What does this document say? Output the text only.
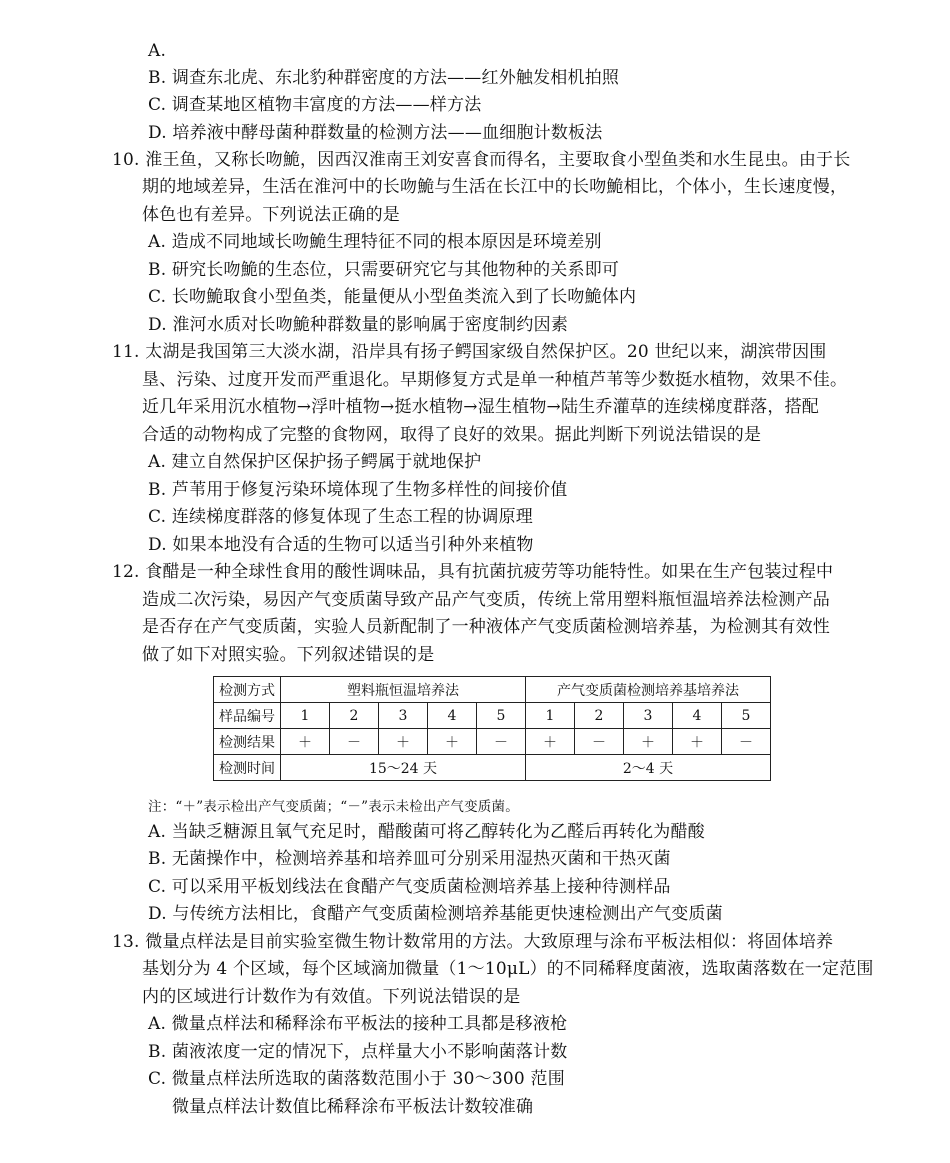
A.
B. 调查东北虎、东北豹种群密度的方法——红外触发相机拍照
C. 调查某地区植物丰富度的方法——样方法
D. 培养液中酵母菌种群数量的检测方法——血细胞计数板法
10. 淮王鱼，又称长吻鮠，因西汉淮南王刘安喜食而得名，主要取食小型鱼类和水生昆虫。由于长
期的地域差异，生活在淮河中的长吻鮠与生活在长江中的长吻鮠相比，个体小，生长速度慢，
体色也有差异。下列说法正确的是
A. 造成不同地域长吻鮠生理特征不同的根本原因是环境差别
B. 研究长吻鮠的生态位，只需要研究它与其他物种的关系即可
C. 长吻鮠取食小型鱼类，能量便从小型鱼类流入到了长吻鮠体内
D. 淮河水质对长吻鮠种群数量的影响属于密度制约因素
11. 太湖是我国第三大淡水湖，沿岸具有扬子鳄国家级自然保护区。20 世纪以来，湖滨带因围
垦、污染、过度开发而严重退化。早期修复方式是单一种植芦苇等少数挺水植物，效果不佳。
近几年采用沉水植物→浮叶植物→挺水植物→湿生植物→陆生乔灌草的连续梯度群落，搭配
合适的动物构成了完整的食物网，取得了良好的效果。据此判断下列说法错误的是
A. 建立自然保护区保护扬子鳄属于就地保护
B. 芦苇用于修复污染环境体现了生物多样性的间接价值
C. 连续梯度群落的修复体现了生态工程的协调原理
D. 如果本地没有合适的生物可以适当引种外来植物
12. 食醋是一种全球性食用的酸性调味品，具有抗菌抗疲劳等功能特性。如果在生产包装过程中
造成二次污染，易因产气变质菌导致产品产气变质，传统上常用塑料瓶恒温培养法检测产品
是否存在产气变质菌，实验人员新配制了一种液体产气变质菌检测培养基，为检测其有效性
做了如下对照实验。下列叙述错误的是
检测方式	塑料瓶恒温培养法					产气变质菌检测培养基培养法				
样品编号	1	2	3	4	5	1	2	3	4	5
检测结果	＋	－	＋	＋	－	＋	－	＋	＋	－
检测时间	15～24 天					2～4 天				
注：“＋”表示检出产气变质菌；“－”表示未检出产气变质菌。
A. 当缺乏糖源且氧气充足时，醋酸菌可将乙醇转化为乙醛后再转化为醋酸
B. 无菌操作中，检测培养基和培养皿可分别采用湿热灭菌和干热灭菌
C. 可以采用平板划线法在食醋产气变质菌检测培养基上接种待测样品
D. 与传统方法相比，食醋产气变质菌检测培养基能更快速检测出产气变质菌
13. 微量点样法是目前实验室微生物计数常用的方法。大致原理与涂布平板法相似：将固体培养
基划分为 4 个区域，每个区域滴加微量（1～10μL）的不同稀释度菌液，选取菌落数在一定范围
内的区域进行计数作为有效值。下列说法错误的是
A. 微量点样法和稀释涂布平板法的接种工具都是移液枪
B. 菌液浓度一定的情况下，点样量大小不影响菌落计数
C. 微量点样法所选取的菌落数范围小于 30～300 范围
微量点样法计数值比稀释涂布平板法计数较准确
